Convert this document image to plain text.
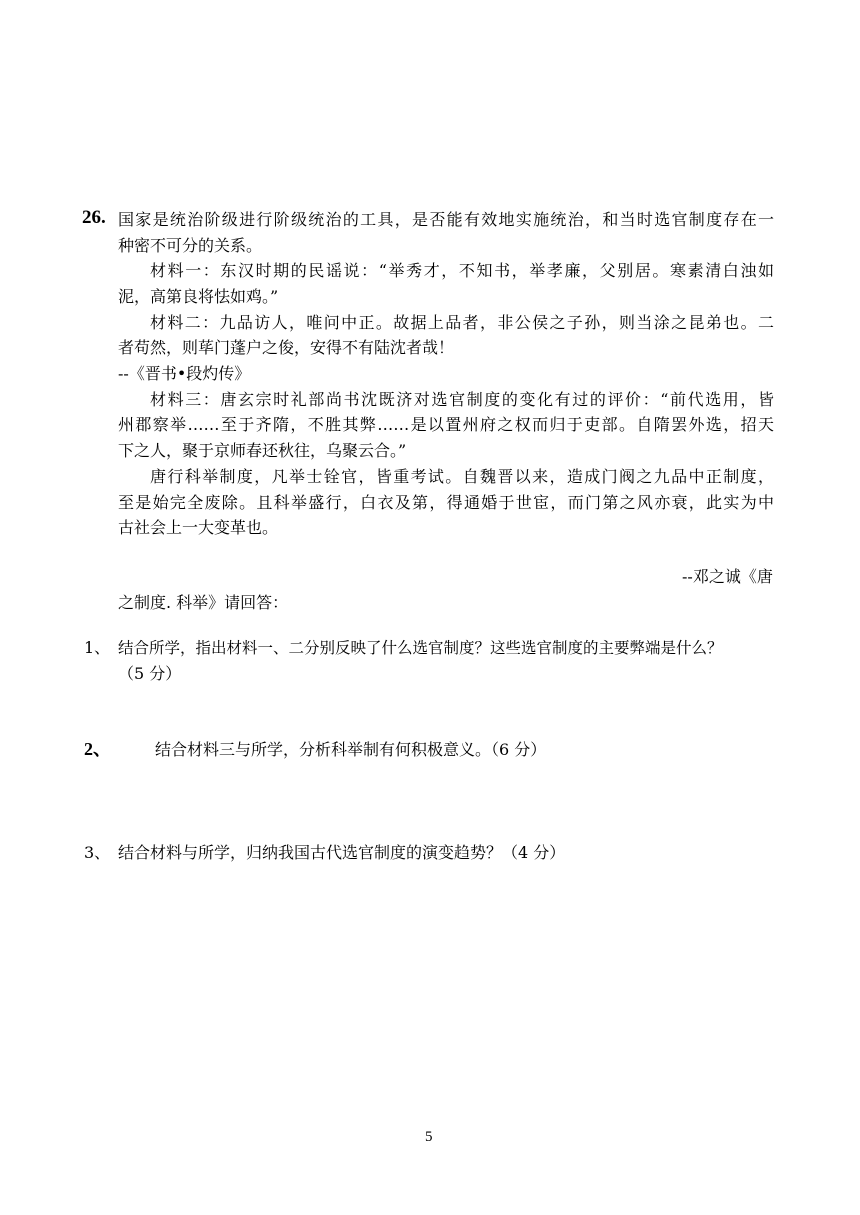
26. 国家是统治阶级进行阶级统治的工具，是否能有效地实施统治，和当时选官制度存在一
种密不可分的关系。
材料一：东汉时期的民谣说：“举秀才，不知书，举孝廉，父别居。寒素清白浊如
泥，高第良将怯如鸡。”
材料二：九品访人，唯问中正。故据上品者，非公侯之子孙，则当涂之昆弟也。二
者苟然，则荜门蓬户之俊，安得不有陆沈者哉！
--《晋书•段灼传》
材料三：唐玄宗时礼部尚书沈既济对选官制度的变化有过的评价：“前代选用，皆
州郡察举……至于齐隋，不胜其弊……是以置州府之权而归于吏部。自隋罢外选，招天
下之人，聚于京师春还秋往，乌聚云合。”
唐行科举制度，凡举士铨官，皆重考试。自魏晋以来，造成门阀之九品中正制度，
至是始完全废除。且科举盛行，白衣及第，得通婚于世宦，而门第之风亦衰，此实为中
古社会上一大变革也。
--邓之诚《唐
之制度. 科举》请回答：
1、 结合所学，指出材料一、二分别反映了什么选官制度？这些选官制度的主要弊端是什么？
（5 分）
2、	结合材料三与所学，分析科举制有何积极意义。（6 分）
3、 结合材料与所学，归纳我国古代选官制度的演变趋势？（4 分）
5
